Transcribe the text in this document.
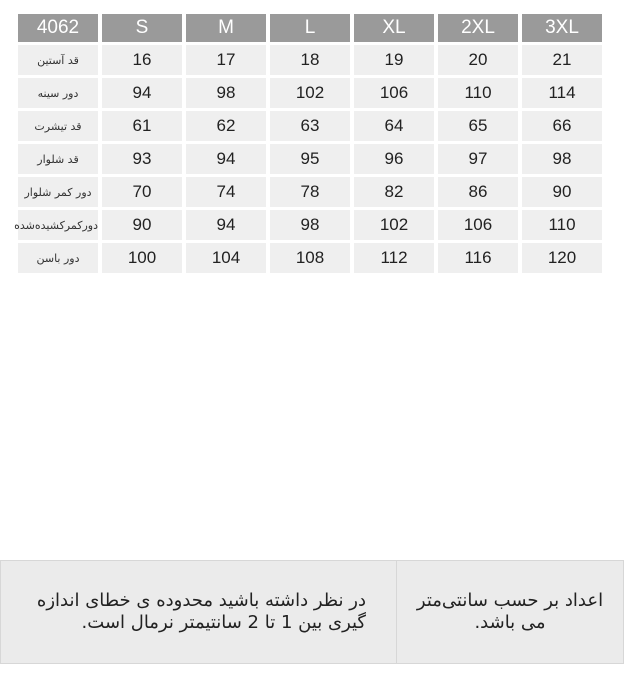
4062	S	M	L	XL	2XL	3XL
قد آستین	16	17	18	19	20	21
دور سینه	94	98	102	106	110	114
قد تیشرت	61	62	63	64	65	66
قد شلوار	93	94	95	96	97	98
دور کمر شلوار	70	74	78	82	86	90
دورکمرکشیده‌شده	90	94	98	102	106	110
دور باسن	100	104	108	112	116	120

در نظر داشته باشید محدوده ی خطای اندازه گیری بین 1 تا 2 سانتیمتر نرمال است.

اعداد بر حسب سانتی‌متر می باشد.
